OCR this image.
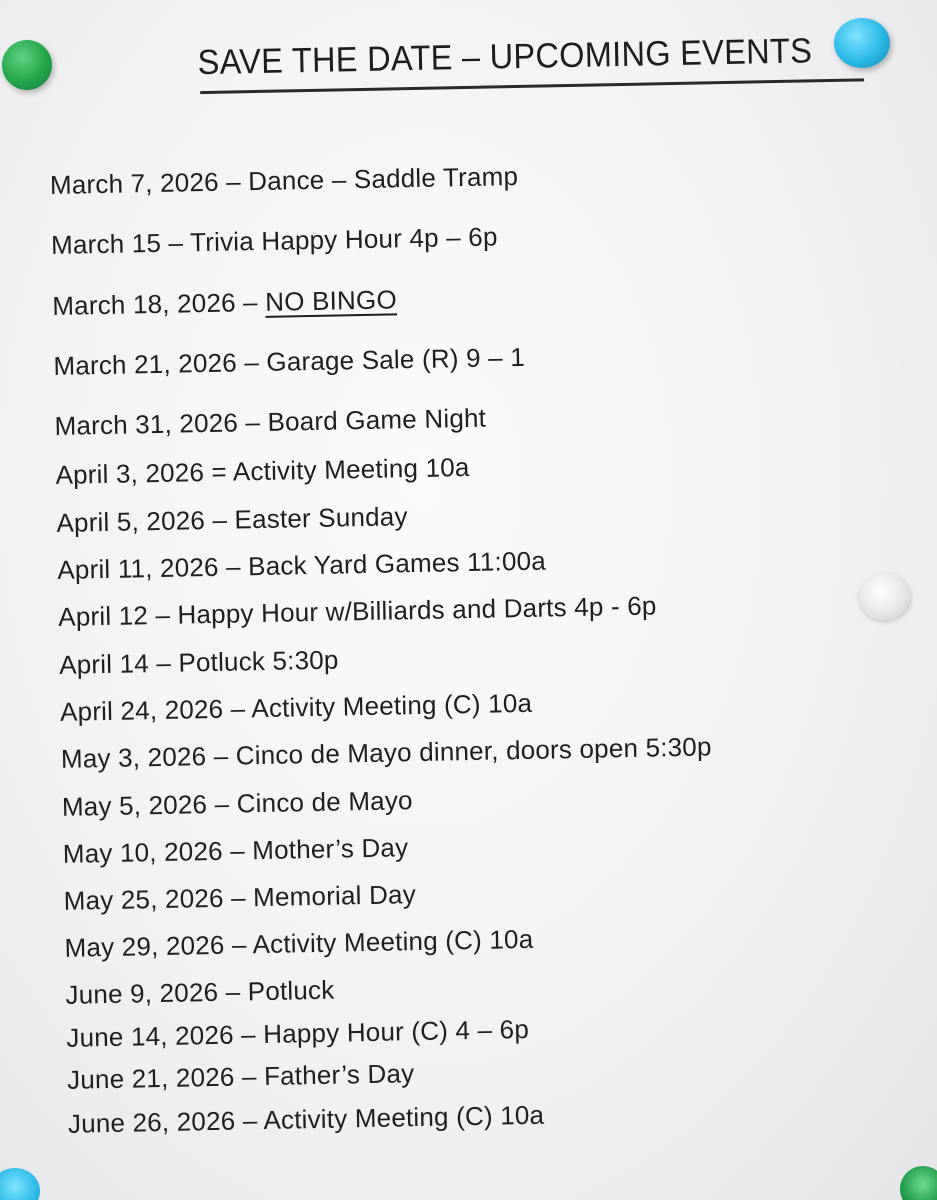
SAVE THE DATE – UPCOMING EVENTS
March 7, 2026 – Dance – Saddle Tramp
March 15 – Trivia Happy Hour 4p – 6p
March 18, 2026 – NO BINGO
March 21, 2026 – Garage Sale (R) 9 – 1
March 31, 2026 – Board Game Night
April 3, 2026 = Activity Meeting 10a
April 5, 2026 – Easter Sunday
April 11, 2026 – Back Yard Games 11:00a
April 12 – Happy Hour w/Billiards and Darts 4p - 6p
April 14 – Potluck 5:30p
April 24, 2026 – Activity Meeting (C) 10a
May 3, 2026 – Cinco de Mayo dinner, doors open 5:30p
May 5, 2026 – Cinco de Mayo
May 10, 2026 – Mother’s Day
May 25, 2026 – Memorial Day
May 29, 2026 – Activity Meeting (C) 10a
June 9, 2026 – Potluck
June 14, 2026 – Happy Hour (C) 4 – 6p
June 21, 2026 – Father’s Day
June 26, 2026 – Activity Meeting (C) 10a
